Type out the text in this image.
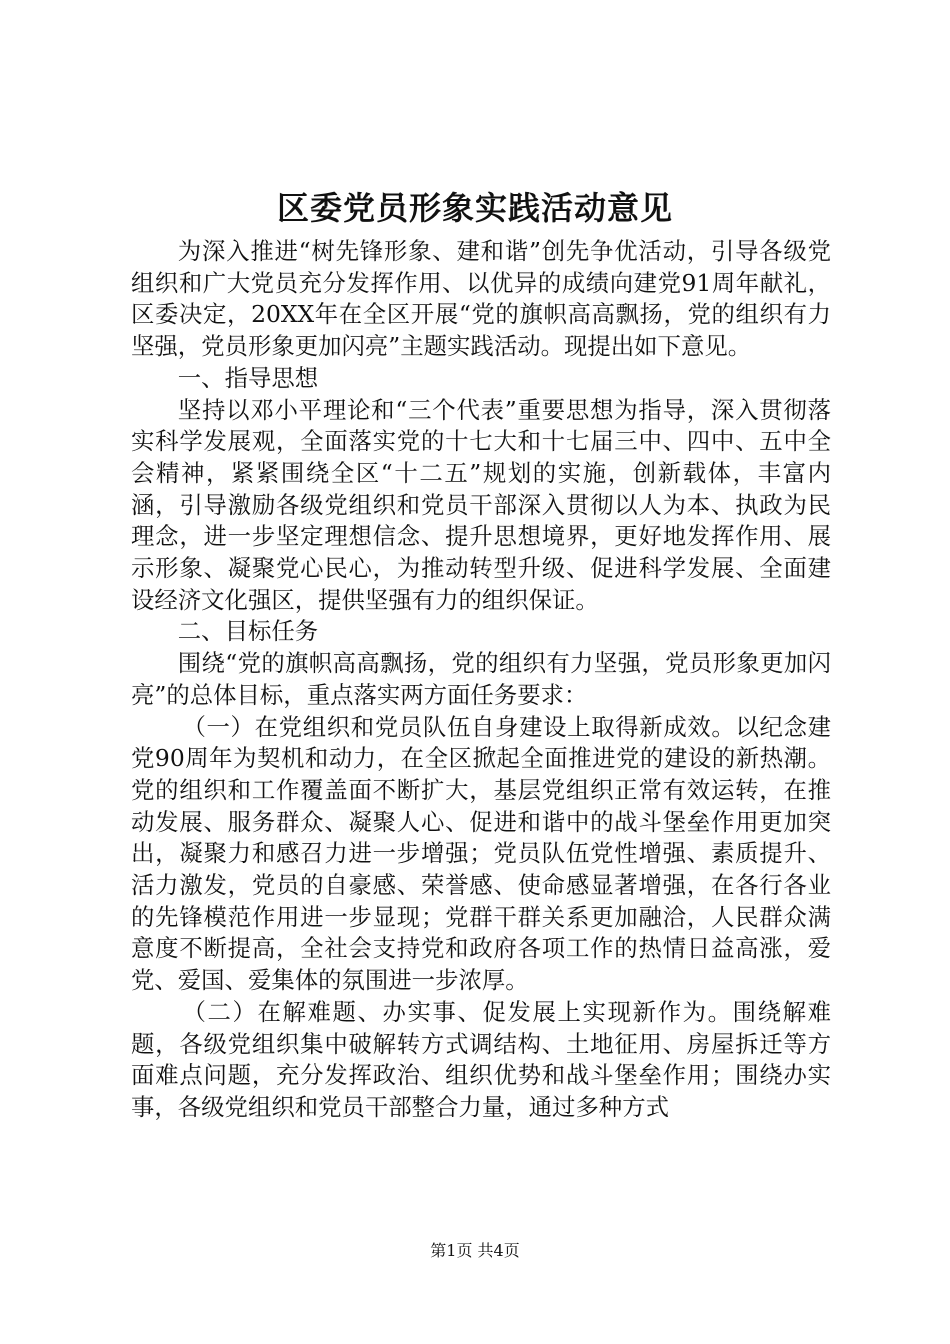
区委党员形象实践活动意见

为深入推进“树先锋形象、建和谐”创先争优活动，引导各级党组织和广大党员充分发挥作用、以优异的成绩向建党91周年献礼，区委决定，20XX年在全区开展“党的旗帜高高飘扬，党的组织有力坚强，党员形象更加闪亮”主题实践活动。现提出如下意见。

一、指导思想

坚持以邓小平理论和“三个代表”重要思想为指导，深入贯彻落实科学发展观，全面落实党的十七大和十七届三中、四中、五中全会精神，紧紧围绕全区“十二五”规划的实施，创新载体，丰富内涵，引导激励各级党组织和党员干部深入贯彻以人为本、执政为民理念，进一步坚定理想信念、提升思想境界，更好地发挥作用、展示形象、凝聚党心民心，为推动转型升级、促进科学发展、全面建设经济文化强区，提供坚强有力的组织保证。

二、目标任务

围绕“党的旗帜高高飘扬，党的组织有力坚强，党员形象更加闪亮”的总体目标，重点落实两方面任务要求：

（一）在党组织和党员队伍自身建设上取得新成效。以纪念建党90周年为契机和动力，在全区掀起全面推进党的建设的新热潮。党的组织和工作覆盖面不断扩大，基层党组织正常有效运转，在推动发展、服务群众、凝聚人心、促进和谐中的战斗堡垒作用更加突出，凝聚力和感召力进一步增强；党员队伍党性增强、素质提升、活力激发，党员的自豪感、荣誉感、使命感显著增强，在各行各业的先锋模范作用进一步显现；党群干群关系更加融洽，人民群众满意度不断提高，全社会支持党和政府各项工作的热情日益高涨，爱党、爱国、爱集体的氛围进一步浓厚。

（二）在解难题、办实事、促发展上实现新作为。围绕解难题，各级党组织集中破解转方式调结构、土地征用、房屋拆迁等方面难点问题，充分发挥政治、组织优势和战斗堡垒作用；围绕办实事，各级党组织和党员干部整合力量，通过多种方式

第1页 共4页
